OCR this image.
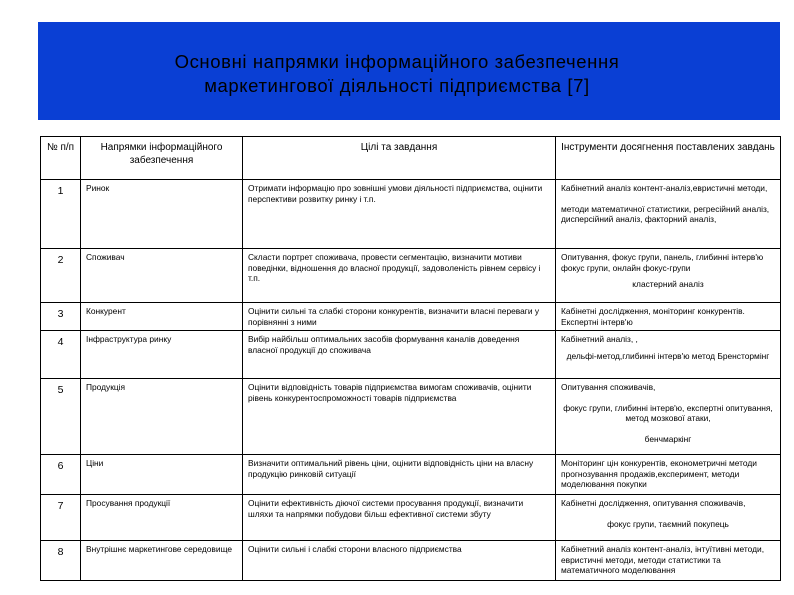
Основні напрямки інформаційного забезпечення
маркетингової діяльності підприємства [7]
№ п/п	Напрямки інформаційного забезпечення	Цілі та завдання	Інструменти досягнення поставлених завдань
1	Ринок	Отримати інформацію про зовнішні умови діяльності підприємства, оцінити перспективи розвитку ринку і т.п.	Кабінетний аналіз контент-аналіз,евристичні методи,
методи математичної статистики, регресійний аналіз, дисперсійний аналіз, факторний аналіз,

2	Споживач	Скласти портрет споживача, провести сегментацію, визначити мотиви поведінки, відношення до власної продукції, задоволеність рівнем сервісу і т.п.	Опитування, фокус групи, панель, глибинні інтерв'ю фокус групи, онлайн фокус-групи
кластерний аналіз

3	Конкурент	Оцінити сильні та слабкі сторони конкурентів, визначити власні переваги у порівнянні з ними	Кабінетні дослідження, моніторинг конкурентів. Експертні інтерв'ю

4	Інфраструктура ринку	Вибір найбільш оптимальних засобів формування каналів доведення власної продукції до споживача	Кабінетний аналіз, ,
дельфі-метод,глибинні інтерв'ю метод Бренстормінг

5	Продукція	Оцінити відповідність товарів підприємства вимогам споживачів, оцінити рівень конкурентоспроможності товарів підприємства	Опитування споживачів,
фокус групи, глибинні інтерв'ю, експертні опитування, метод мозкової атаки,
бенчмаркінг

6	Ціни	Визначити оптимальний рівень ціни, оцінити відповідність ціни на власну продукцію ринковій ситуації	Моніторинг цін конкурентів, економетричні методи прогнозування продажів,експеримент, методи моделювання покупки

7	Просування продукції	Оцінити ефективність діючої системи просування продукції, визначити шляхи та напрямки побудови більш ефективної системи збуту	Кабінетні дослідження, опитування споживачів,
фокус групи, таємний покупець

8	Внутрішнє маркетингове середовище	Оцінити сильні і слабкі сторони власного підприємства	Кабінетний аналіз контент-аналіз, інтуїтивні методи, евристичні методи, методи статистики та математичного моделювання
